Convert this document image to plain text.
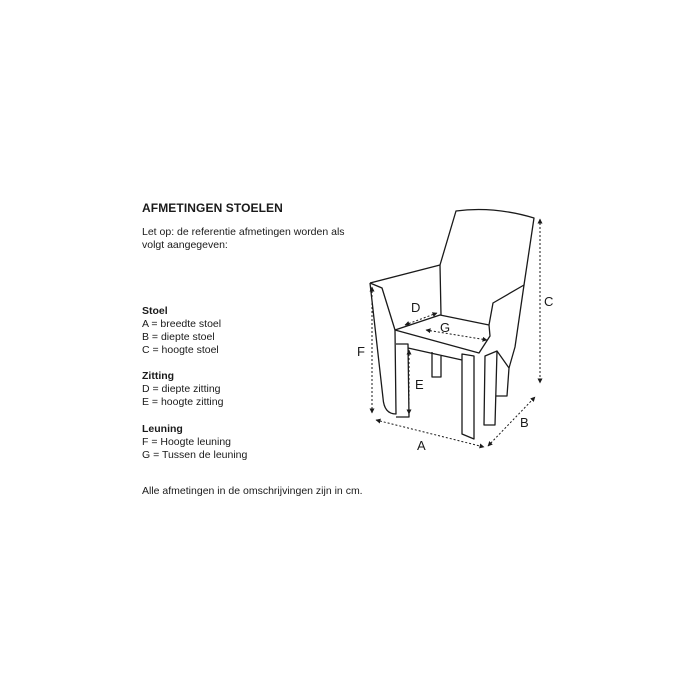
AFMETINGEN STOELEN
Let op: de referentie afmetingen worden als volgt aangegeven:
Stoel
A = breedte stoel
B = diepte stoel
C = hoogte stoel
Zitting
D = diepte zitting
E = hoogte zitting
Leuning
F = Hoogte leuning
G = Tussen de leuning
Alle afmetingen in de omschrijvingen zijn in cm.
A
B
C
D
E
F
G
